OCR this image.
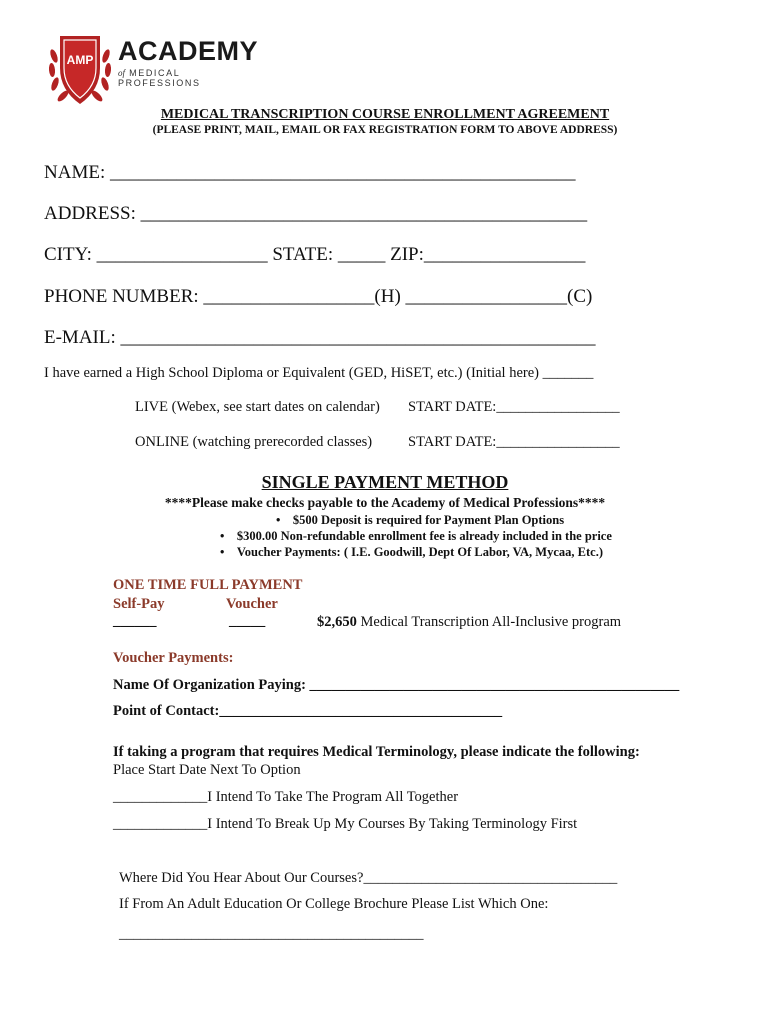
AMP ACADEMY
of MEDICAL PROFESSIONS
MEDICAL TRANSCRIPTION COURSE ENROLLMENT AGREEMENT
(PLEASE PRINT, MAIL, EMAIL OR FAX REGISTRATION FORM TO ABOVE ADDRESS)
NAME: _________________________________________________
ADDRESS: _______________________________________________
CITY: __________________ STATE: _____ ZIP:_________________
PHONE NUMBER: __________________(H) _________________(C)
E-MAIL: __________________________________________________
I have earned a High School Diploma or Equivalent (GED, HiSET, etc.) (Initial here) _______
LIVE (Webex, see start dates on calendar) START DATE:_________________
ONLINE (watching prerecorded classes) START DATE:_________________
SINGLE PAYMENT METHOD
****Please make checks payable to the Academy of Medical Professions****
•    $500 Deposit is required for Payment Plan Options
•    $300.00 Non-refundable enrollment fee is already included in the price
•    Voucher Payments: ( I.E. Goodwill, Dept Of Labor, VA, Mycaa, Etc.)
ONE TIME FULL PAYMENT
Self-Pay	Voucher
______	_____	$2,650 Medical Transcription All-Inclusive program
Voucher Payments:
Name Of Organization Paying: ___________________________________________________
Point of Contact:_______________________________________
If taking a program that requires Medical Terminology, please indicate the following:
Place Start Date Next To Option
_____________I Intend To Take The Program All Together
_____________I Intend To Break Up My Courses By Taking Terminology First
Where Did You Hear About Our Courses?___________________________________
If From An Adult Education Or College Brochure Please List Which One:
__________________________________________
